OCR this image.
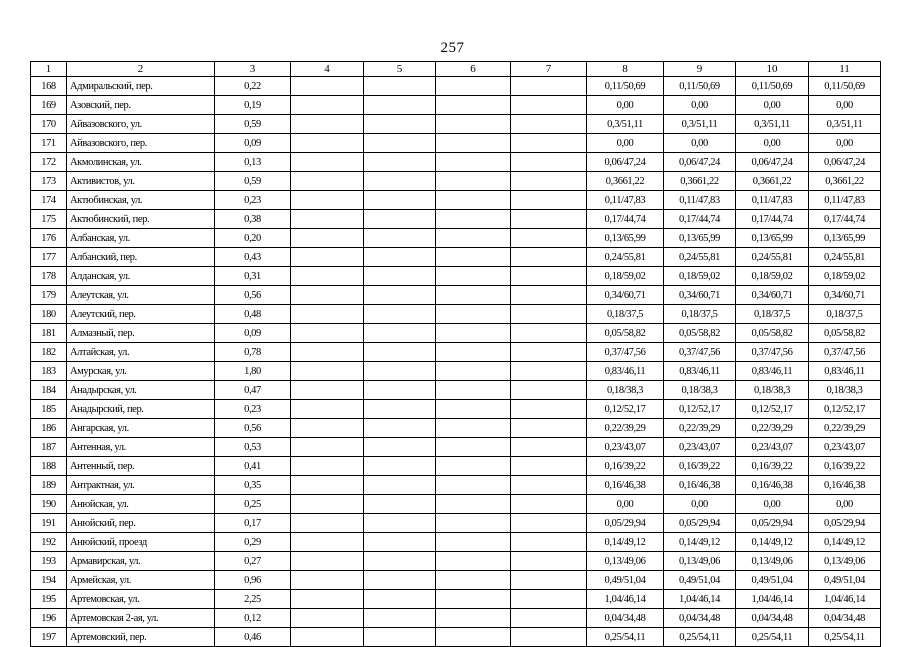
257
1	2	3	4	5	6	7	8	9	10	11
168	Адмиральский, пер.	0,22					0,11/50,69	0,11/50,69	0,11/50,69	0,11/50,69
169	Азовский, пер.	0,19					0,00	0,00	0,00	0,00
170	Айвазовского, ул.	0,59					0,3/51,11	0,3/51,11	0,3/51,11	0,3/51,11
171	Айвазовского, пер.	0,09					0,00	0,00	0,00	0,00
172	Акмолинская, ул.	0,13					0,06/47,24	0,06/47,24	0,06/47,24	0,06/47,24
173	Активистов, ул.	0,59					0,3661,22	0,3661,22	0,3661,22	0,3661,22
174	Актюбинская, ул.	0,23					0,11/47,83	0,11/47,83	0,11/47,83	0,11/47,83
175	Актюбинский, пер.	0,38					0,17/44,74	0,17/44,74	0,17/44,74	0,17/44,74
176	Албанская, ул.	0,20					0,13/65,99	0,13/65,99	0,13/65,99	0,13/65,99
177	Албанский, пер.	0,43					0,24/55,81	0,24/55,81	0,24/55,81	0,24/55,81
178	Алданская, ул.	0,31					0,18/59,02	0,18/59,02	0,18/59,02	0,18/59,02
179	Алеутская, ул.	0,56					0,34/60,71	0,34/60,71	0,34/60,71	0,34/60,71
180	Алеутский, пер.	0,48					0,18/37,5	0,18/37,5	0,18/37,5	0,18/37,5
181	Алмазный, пер.	0,09					0,05/58,82	0,05/58,82	0,05/58,82	0,05/58,82
182	Алтайская, ул.	0,78					0,37/47,56	0,37/47,56	0,37/47,56	0,37/47,56
183	Амурская, ул.	1,80					0,83/46,11	0,83/46,11	0,83/46,11	0,83/46,11
184	Анадырская, ул.	0,47					0,18/38,3	0,18/38,3	0,18/38,3	0,18/38,3
185	Анадырский, пер.	0,23					0,12/52,17	0,12/52,17	0,12/52,17	0,12/52,17
186	Ангарская, ул.	0,56					0,22/39,29	0,22/39,29	0,22/39,29	0,22/39,29
187	Антенная, ул.	0,53					0,23/43,07	0,23/43,07	0,23/43,07	0,23/43,07
188	Антенный, пер.	0,41					0,16/39,22	0,16/39,22	0,16/39,22	0,16/39,22
189	Антрактная, ул.	0,35					0,16/46,38	0,16/46,38	0,16/46,38	0,16/46,38
190	Анюйская, ул.	0,25					0,00	0,00	0,00	0,00
191	Анюйский, пер.	0,17					0,05/29,94	0,05/29,94	0,05/29,94	0,05/29,94
192	Анюйский, проезд	0,29					0,14/49,12	0,14/49,12	0,14/49,12	0,14/49,12
193	Армавирская, ул.	0,27					0,13/49,06	0,13/49,06	0,13/49,06	0,13/49,06
194	Армейская, ул.	0,96					0,49/51,04	0,49/51,04	0,49/51,04	0,49/51,04
195	Артемовская, ул.	2,25					1,04/46,14	1,04/46,14	1,04/46,14	1,04/46,14
196	Артемовская 2-ая, ул.	0,12					0,04/34,48	0,04/34,48	0,04/34,48	0,04/34,48
197	Артемовский, пер.	0,46					0,25/54,11	0,25/54,11	0,25/54,11	0,25/54,11
